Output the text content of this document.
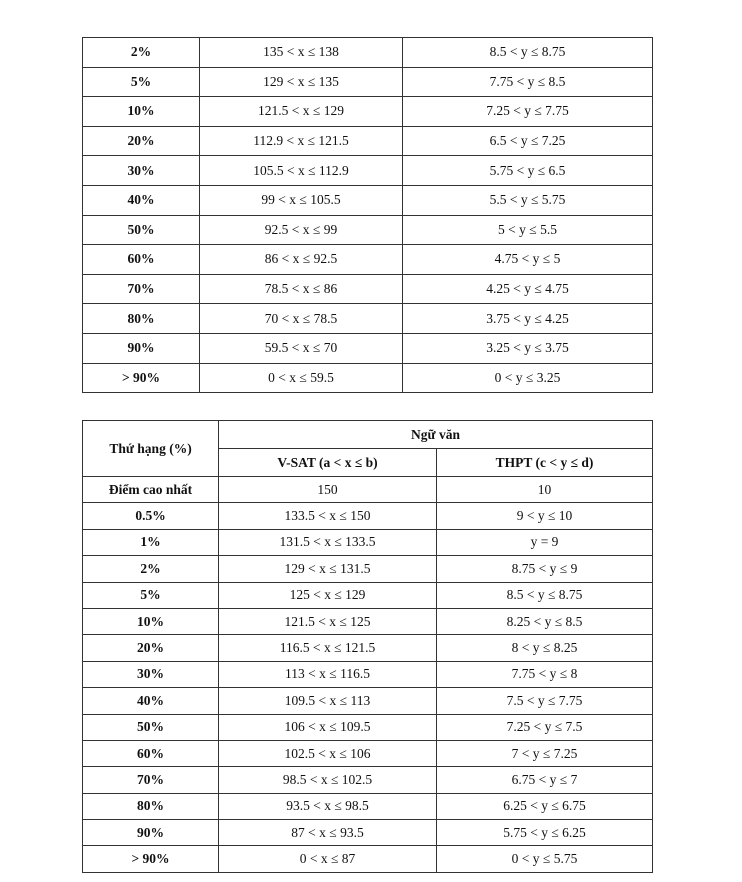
2%	135 < x ≤ 138	8.5 < y ≤ 8.75
5%	129 < x ≤ 135	7.75 < y ≤ 8.5
10%	121.5 < x ≤ 129	7.25 < y ≤ 7.75
20%	112.9 < x ≤ 121.5	6.5 < y ≤ 7.25
30%	105.5 < x ≤ 112.9	5.75 < y ≤ 6.5
40%	99 < x ≤ 105.5	5.5 < y ≤ 5.75
50%	92.5 < x ≤ 99	5 < y ≤ 5.5
60%	86 < x ≤ 92.5	4.75 < y ≤ 5
70%	78.5 < x ≤ 86	4.25 < y ≤ 4.75
80%	70 < x ≤ 78.5	3.75 < y ≤ 4.25
90%	59.5 < x ≤ 70	3.25 < y ≤ 3.75
> 90%	0 < x ≤ 59.5	0 < y ≤ 3.25
Thứ hạng (%)	Ngữ văn	
	V-SAT (a < x ≤ b)	THPT (c < y ≤ d)
Điểm cao nhất	150	10
0.5%	133.5 < x ≤ 150	9 < y ≤ 10
1%	131.5 < x ≤ 133.5	y = 9
2%	129 < x ≤ 131.5	8.75 < y ≤ 9
5%	125 < x ≤ 129	8.5 < y ≤ 8.75
10%	121.5 < x ≤ 125	8.25 < y ≤ 8.5
20%	116.5 < x ≤ 121.5	8 < y ≤ 8.25
30%	113 < x ≤ 116.5	7.75 < y ≤ 8
40%	109.5 < x ≤ 113	7.5 < y ≤ 7.75
50%	106 < x ≤ 109.5	7.25 < y ≤ 7.5
60%	102.5 < x ≤ 106	7 < y ≤ 7.25
70%	98.5 < x ≤ 102.5	6.75 < y ≤ 7
80%	93.5 < x ≤ 98.5	6.25 < y ≤ 6.75
90%	87 < x ≤ 93.5	5.75 < y ≤ 6.25
> 90%	0 < x ≤ 87	0 < y ≤ 5.75
